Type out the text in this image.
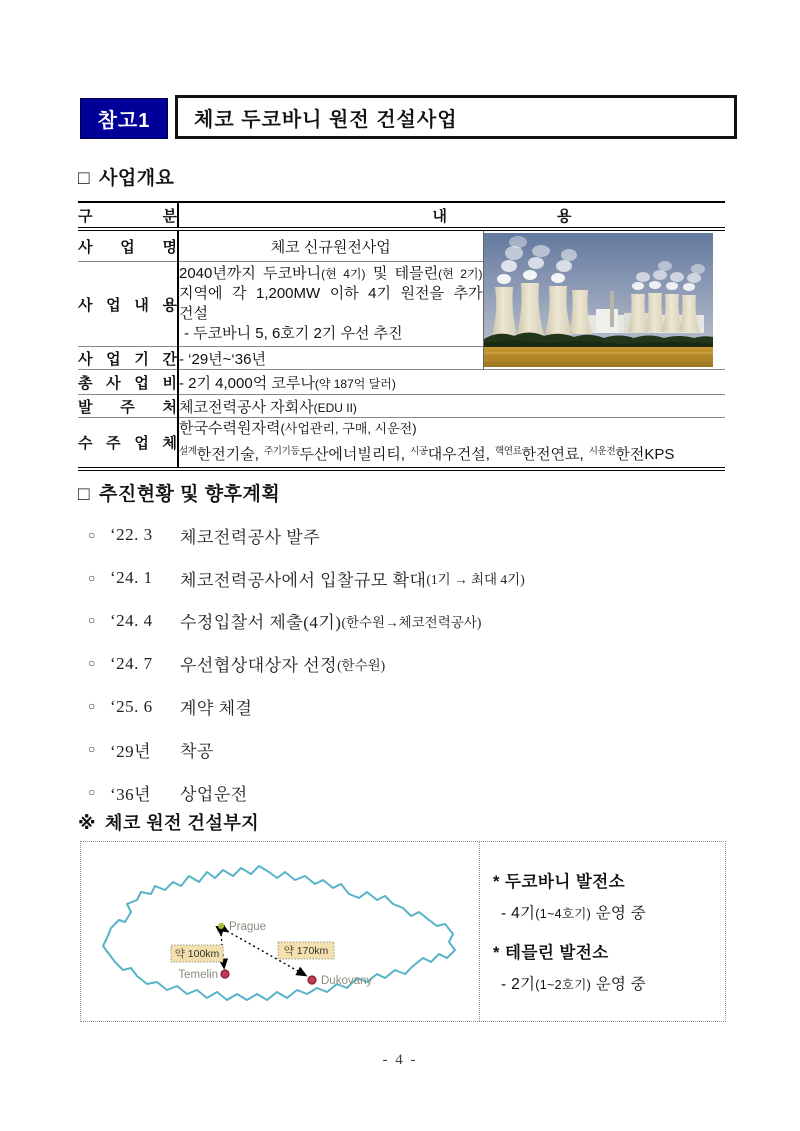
참고1	체코 두코바니 원전 건설사업
□ 사업개요
구 분	내 용	

사 업 명	체코 신규원전사업	

사 업 내 용	2040년까지 두코바니(현 4기) 및 테믈린(현 2기) 지역에 각 1,200MW 이하 4기 원전을 추가 건설
- 두코바니 5, 6호기 2기 우선 추진	

사 업 기 간	- ‘29년~‘36년	
총 사 업 비	- 2기 4,000억 코루나(약 187억 달러)	
발 주 처	체코전력공사 자회사(EDU II)	
수 주 업 체	한국수력원자력(사업관리, 구매, 시운전)
$^{설계}$한전기술, $^{주기기등}$두산에너빌리티, $^{시공}$대우건설, $^{핵연료}$한전연료, $^{시운전}$한전KPS	
□ 추진현황 및 향후계획
○ ‘22. 3	체코전력공사 발주
○ ‘24. 1	체코전력공사에서 입찰규모 확대 (1기 → 최대 4기)
○ ‘24. 4	수정입찰서 제출(4기) (한수원→체코전력공사)
○ ‘24. 7	우선협상대상자 선정 (한수원)
○ ‘25. 6	계약 체결
○ ‘29년	착공
○ ‘36년	상업운전
※ 체코 원전 건설부지
약 100km	약 170km
Prague
Temelin	Dukovany
* 두코바니 발전소
- 4기(1~4호기) 운영 중
* 테믈린 발전소
- 2기(1~2호기) 운영 중
- 4 -
